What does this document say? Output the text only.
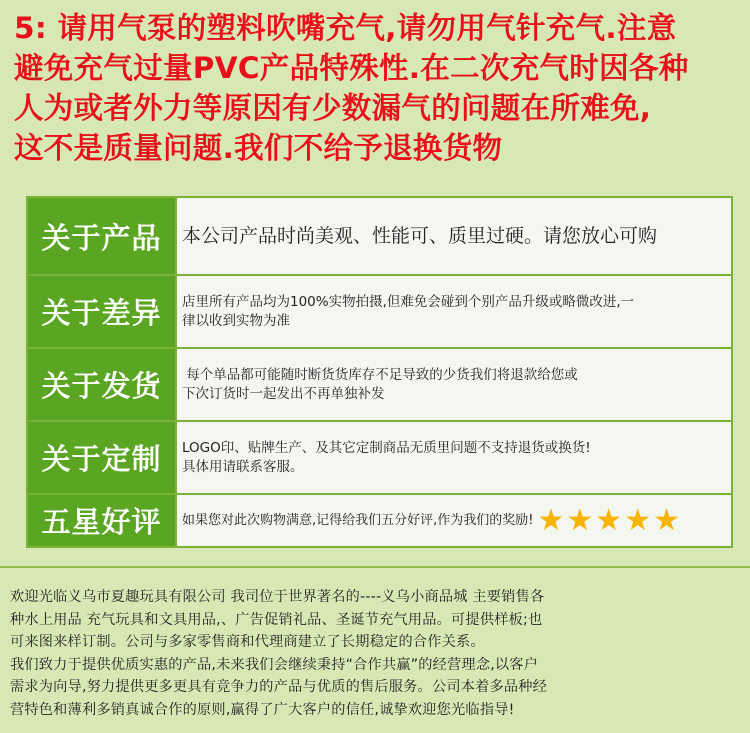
5: 请用气泵的塑料吹嘴充气,请勿用气针充气.注意
避免充气过量PVC产品特殊性.在二次充气时因各种
人为或者外力等原因有少数漏气的问题在所难免,
这不是质量问题.我们不给予退换货物
关于产品	本公司产品时尚美观、性能可、质里过硬。请您放心可购
关于差异	店里所有产品均为100%实物拍摄,但难免会碰到个别产品升级或略微改进,一
律以收到实物为准
关于发货	每个单品都可能随时断货货库存不足导致的少货我们将退款给您或
下次订货时一起发出不再单独补发
关于定制	LOGO印、贴牌生产、及其它定制商品无质里问题不支持退货或换货!
具体用请联系客服。
五星好评	如果您对此次购物满意,记得给我们五分好评,作为我们的奖励! ★ ★ ★ ★ ★
欢迎光临义乌市夏趣玩具有限公司 我司位于世界著名的----义乌小商品城 主要销售各
种水上用品 充气玩具和文具用品,、广告促销礼品、圣诞节充气用品。可提供样板;也
可来图来样订制。公司与多家零售商和代理商建立了长期稳定的合作关系。
我们致力于提供优质实惠的产品,未来我们会继续秉持“合作共赢”的经营理念,以客户
需求为向导,努力提供更多更具有竞争力的产品与优质的售后服务。公司本着多品种经
营特色和薄利多销真诚合作的原则,赢得了广大客户的信任,诚挚欢迎您光临指导!
